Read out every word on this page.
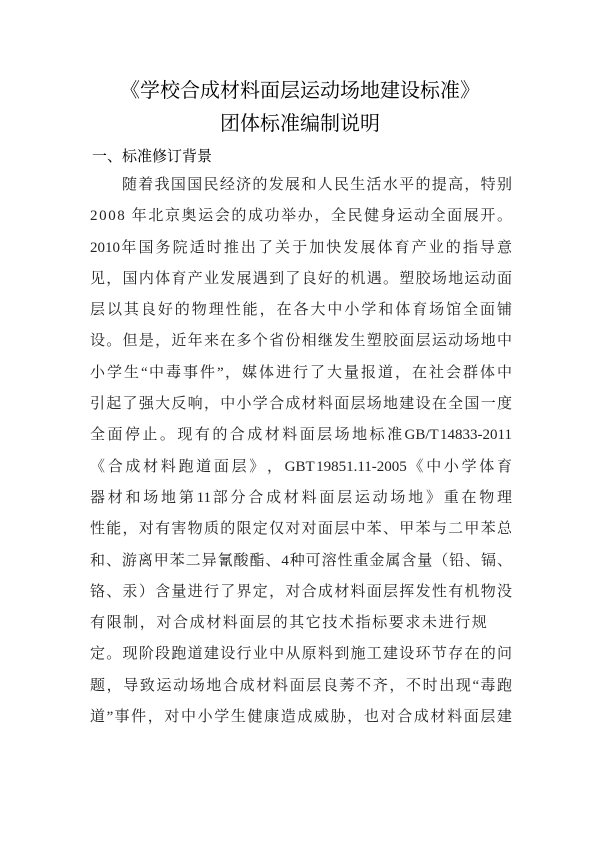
《学校合成材料面层运动场地建设标准》
团体标准编制说明
一、标准修订背景
随 着 我 国 国 民 经 济 的 发 展 和 人 民 生 活 水 平 的 提 高 ， 特 别
2008 年北京奥运会的成功举办，全民健身运动全面展开。
2010 年 国 务 院 适 时 推 出 了 关 于 加 快 发 展 体 育 产 业 的 指 导 意
见 ， 国 内 体 育 产 业 发 展 遇 到 了 良 好 的 机 遇 。 塑 胶 场 地 运 动 面
层 以 其 良 好 的 物 理 性 能 ， 在 各 大 中 小 学 和 体 育 场 馆 全 面 铺
设 。 但 是 ， 近 年 来 在 多 个 省 份 相 继 发 生 塑 胶 面 层 运 动 场 地 中
小 学 生 “ 中 毒 事 件 ” ， 媒 体 进 行 了 大 量 报 道 ， 在 社 会 群 体 中
引 起 了 强 大 反 响 ， 中 小 学 合 成 材 料 面 层 场 地 建 设 在 全 国 一 度
全 面 停 止 。 现 有 的 合 成 材 料 面 层 场 地 标 准 GB/T 14833-2011
《 合 成 材 料 跑 道 面 层 》 ， GBT 19851.11-2005 《 中 小 学 体 育
器 材 和 场 地 第 11 部 分 合 成 材 料 面 层 运 动 场 地 》 重 在 物 理
性 能 ， 对 有 害 物 质 的 限 定 仅 对 对 面 层 中 苯 、 甲 苯 与 二 甲 苯 总
和 、 游 离 甲 苯 二 异 氰 酸 酯 、 4 种 可 溶 性 重 金 属 含 量 （ 铅 、 镉 、
铬 、 汞 ） 含 量 进 行 了 界 定 ， 对 合 成 材 料 面 层 挥 发 性 有 机 物 没
有限制，对合成材料面层的其它技术指标要求未进行规
定 。 现 阶 段 跑 道 建 设 行 业 中 从 原 料 到 施 工 建 设 环 节 存 在 的 问
题 ， 导 致 运 动 场 地 合 成 材 料 面 层 良 莠 不 齐 ， 不 时 出 现 “ 毒 跑
道 ” 事 件 ， 对 中 小 学 生 健 康 造 成 威 胁 ， 也 对 合 成 材 料 面 层 建
